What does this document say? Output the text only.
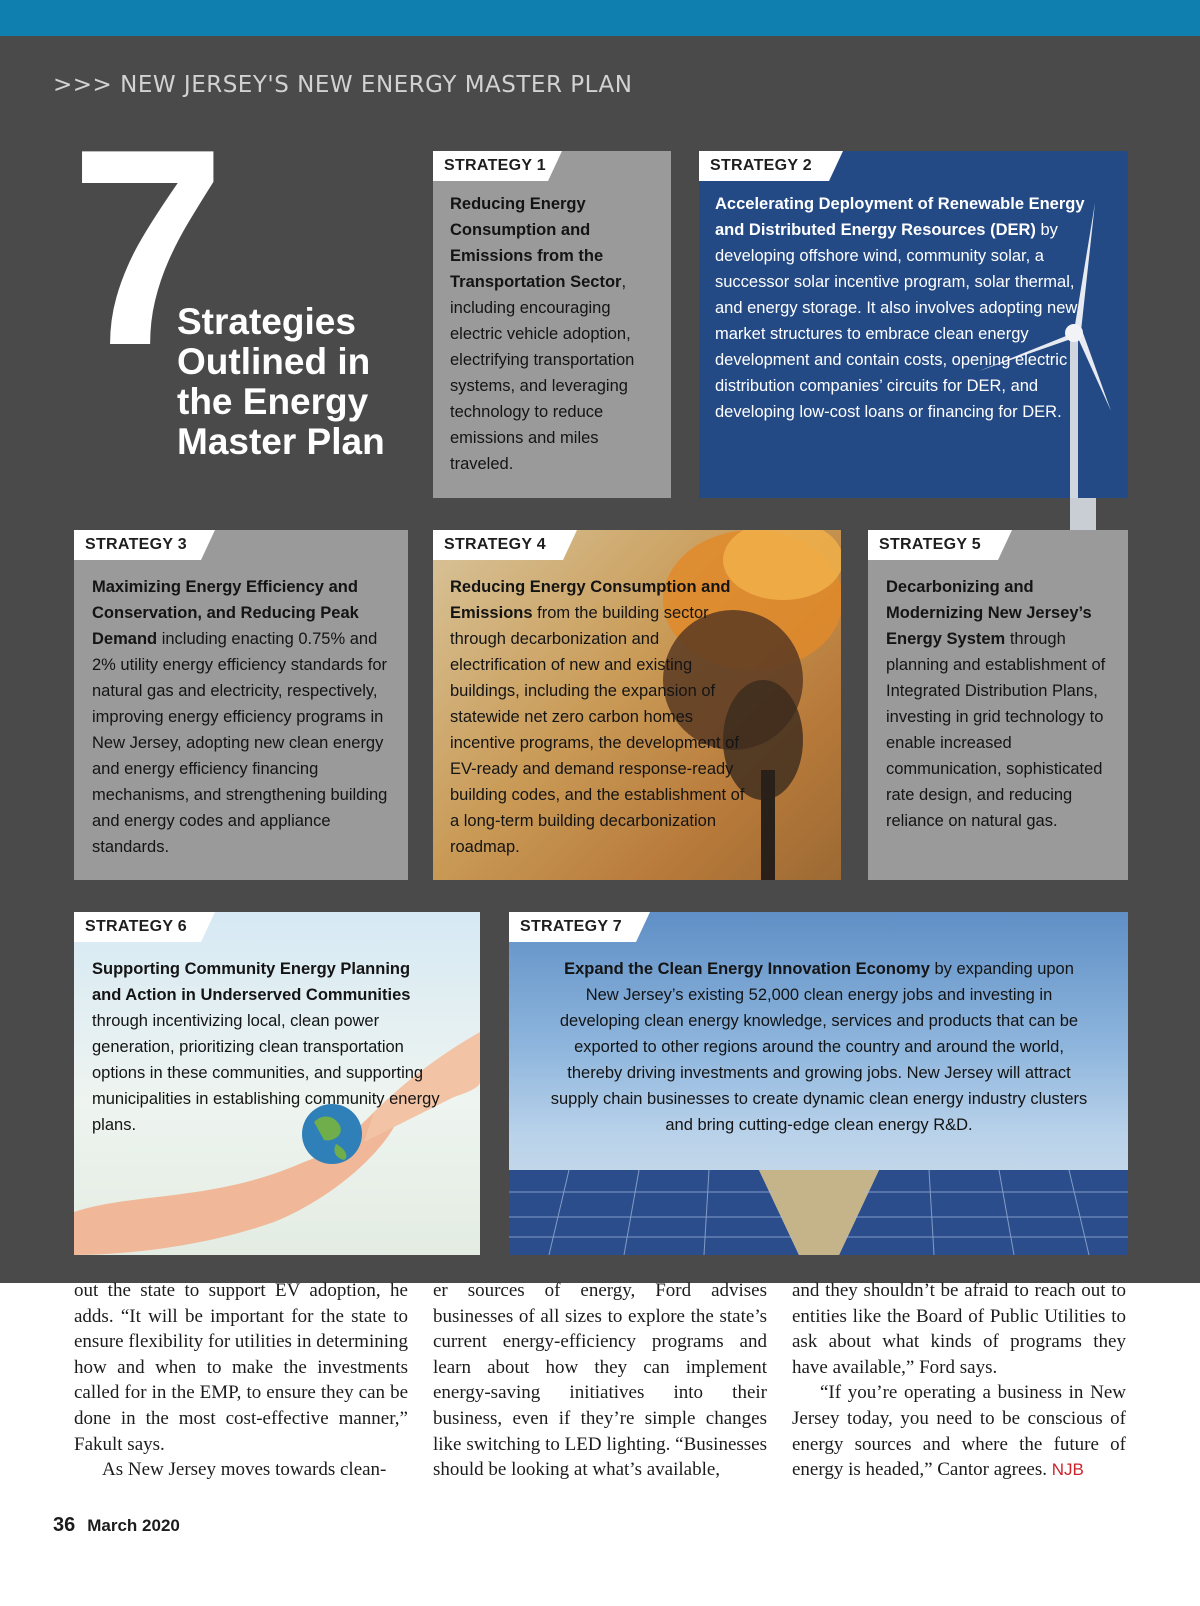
>>> NEW JERSEY'S NEW ENERGY MASTER PLAN
7
Strategies
Outlined in
the Energy
Master Plan
STRATEGY 1
Reducing Energy Consumption and Emissions from the Transportation Sector, including encouraging electric vehicle adoption, electrifying transportation systems, and leveraging technology to reduce emissions and miles traveled.
STRATEGY 2
Accelerating Deployment of Renewable Energy and Distributed Energy Resources (DER) by developing offshore wind, community solar, a successor solar incentive program, solar thermal, and energy storage. It also involves adopting new market structures to embrace clean energy development and contain costs, opening electric distribution companies’ circuits for DER, and developing low-cost loans or financing for DER.
STRATEGY 3
Maximizing Energy Efficiency and Conservation, and Reducing Peak Demand including enacting 0.75% and 2% utility energy efficiency standards for natural gas and electricity, respectively, improving energy efficiency programs in New Jersey, adopting new clean energy and energy efficiency financing mechanisms, and strengthening building and energy codes and appliance standards.
STRATEGY 4
Reducing Energy Consumption and Emissions from the building sector through decarbonization and electrification of new and existing buildings, including the expansion of statewide net zero carbon homes incentive programs, the development of EV-ready and demand response-ready building codes, and the establishment of a long-term building decarbonization roadmap.
STRATEGY 5
Decarbonizing and Modernizing New Jersey’s Energy System through planning and establishment of Integrated Distribution Plans, investing in grid technology to enable increased communication, sophisticated rate design, and reducing reliance on natural gas.
STRATEGY 6
Supporting Community Energy Planning and Action in Underserved Communities through incentivizing local, clean power generation, prioritizing clean transportation options in these communities, and supporting municipalities in establishing community energy plans.
STRATEGY 7
Expand the Clean Energy Innovation Economy by expanding upon New Jersey’s existing 52,000 clean energy jobs and investing in developing clean energy knowledge, services and products that can be exported to other regions around the country and around the world, thereby driving investments and growing jobs. New Jersey will attract supply chain businesses to create dynamic clean energy industry clusters and bring cutting-edge clean energy R&D.

out the state to support EV adoption, he adds. “It will be important for the state to ensure flexibility for utilities in determining how and when to make the investments called for in the EMP, to ensure they can be done in the most cost-effective manner,” Fakult says.

As New Jersey moves towards clean-

er sources of energy, Ford advises businesses of all sizes to explore the state’s current energy-efficiency programs and learn about how they can implement energy-saving initiatives into their business, even if they’re simple changes like switching to LED lighting. “Businesses should be looking at what’s available,

and they shouldn’t be afraid to reach out to entities like the Board of Public Utilities to ask about what kinds of programs they have available,” Ford says.

“If you’re operating a business in New Jersey today, you need to be conscious of energy sources and where the future of energy is headed,” Cantor agrees. NJB

36 March 2020
